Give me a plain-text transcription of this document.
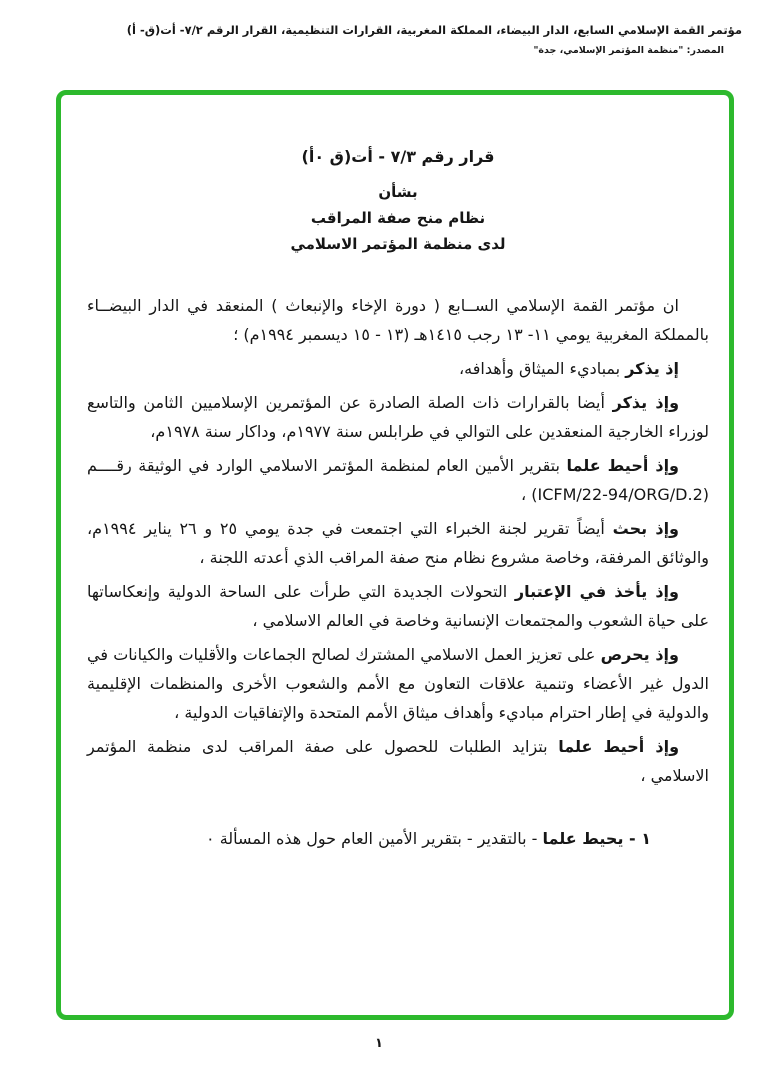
مؤتمر القمة الإسلامي السابع، الدار البيضاء، المملكة المغربية، القرارات التنظيمية، القرار الرقم ٧/٢- أت(ق- أ)
المصدر: "منظمة المؤتمر الإسلامي، جدة"
قرار رقم ٧/٣ - أت(ق ٠أ)
بشأن
نظام منح صفة المراقب
لدى منظمة المؤتمر الاسلامي

ان مؤتمر القمة الإسلامي الســابع ( دورة الإخاء والإنبعاث ) المنعقد في الدار البيضــاء بالمملكة المغربية يومي ١١- ١٣ رجب ١٤١٥هـ (١٣ - ١٥ ديسمبر ١٩٩٤م) ؛

إذ يذكر بمباديء الميثاق وأهدافه،

وإذ يذكر أيضا بالقرارات ذات الصلة الصادرة عن المؤتمرين الإسلاميين الثامن والتاسع لوزراء الخارجية المنعقدين على التوالي في طرابلس سنة ١٩٧٧م، وداكار سنة ١٩٧٨م،

وإذ أحيط علما بتقرير الأمين العام لمنظمة المؤتمر الاسلامي الوارد في الوثيقة رقــــم (⁦ICFM/22-94/ORG/D.2⁩) ،

وإذ بحث أيضاً تقرير لجنة الخبراء التي اجتمعت في جدة يومي ٢٥ و ٢٦ يناير ١٩٩٤م، والوثائق المرفقة، وخاصة مشروع نظام منح صفة المراقب الذي أعدته اللجنة ،

وإذ يأخذ في الإعتبار التحولات الجديدة التي طرأت على الساحة الدولية وإنعكاساتها على حياة الشعوب والمجتمعات الإنسانية وخاصة في العالم الاسلامي ،

وإذ يحرص على تعزيز العمل الاسلامي المشترك لصالح الجماعات والأقليات والكيانات في الدول غير الأعضاء وتنمية علاقات التعاون مع الأمم والشعوب الأخرى والمنظمات الإقليمية والدولية في إطار احترام مباديء وأهداف ميثاق الأمم المتحدة والإتفاقيات الدولية ،

وإذ أحيط علما بتزايد الطلبات للحصول على صفة المراقب لدى منظمة المؤتمر الاسلامي ،

١ - يحيط علما - بالتقدير - بتقرير الأمين العام حول هذه المسألة ٠

١
